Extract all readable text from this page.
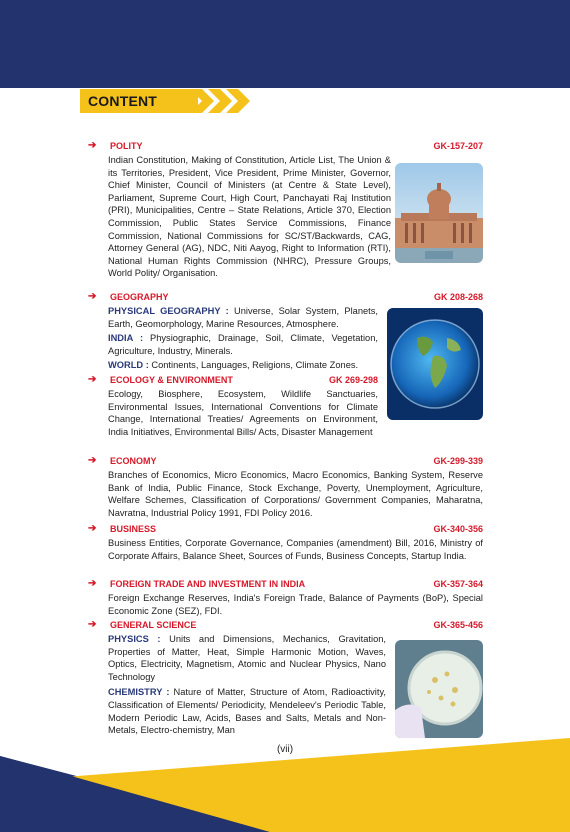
CONTENT
➔ POLITY	GK-157-207
Indian Constitution, Making of Constitution, Article List, The Union & its Territories, President, Vice President, Prime Minister, Governor, Chief Minister, Council of Ministers (at Centre & State Level), Parliament, Supreme Court, High Court, Panchayati Raj Institution (PRI), Municipalities, Centre – State Relations, Article 370, Election Commission, Public States Service Commissions, Finance Commission, National Commissions for SC/ST/Backwards, CAG, Attorney General (AG), NDC, Niti Aayog, Right to Information (RTI), National Human Rights Commission (NHRC), Pressure Groups, World Polity/ Organisation.
➔ GEOGRAPHY	GK 208-268
PHYSICAL GEOGRAPHY : Universe, Solar System, Planets, Earth, Geomorphology, Marine Resources, Atmosphere.
INDIA : Physiographic, Drainage, Soil, Climate, Vegetation, Agriculture, Industry, Minerals.
WORLD : Continents, Languages, Religions, Climate Zones.
➔ ECOLOGY & ENVIRONMENT	GK 269-298
Ecology, Biosphere, Ecosystem, Wildlife Sanctuaries, Environmental Issues, International Conventions for Climate Change, International Treaties/ Agreements on Environment, India Initiatives, Environmental Bills/ Acts, Disaster Management
➔ ECONOMY	GK-299-339
Branches of Economics, Micro Economics, Macro Economics, Banking System, Reserve Bank of India, Public Finance, Stock Exchange, Poverty, Unemployment, Agriculture, Welfare Schemes, Classification of Corporations/ Government Companies, Maharatna, Navratna, Industrial Policy 1991, FDI Policy 2016.
➔ BUSINESS	GK-340-356
Business Entities, Corporate Governance, Companies (amendment) Bill, 2016, Ministry of Corporate Affairs, Balance Sheet, Sources of Funds, Business Concepts, Startup India.
➔ FOREIGN TRADE AND INVESTMENT IN INDIA	GK-357-364
Foreign Exchange Reserves, India's Foreign Trade, Balance of Payments (BoP), Special Economic Zone (SEZ), FDI.
➔ GENERAL SCIENCE	GK-365-456
PHYSICS : Units and Dimensions, Mechanics, Gravitation, Properties of Matter, Heat, Simple Harmonic Motion, Waves, Optics, Electricity, Magnetism, Atomic and Nuclear Physics, Nano Technology
CHEMISTRY : Nature of Matter, Structure of Atom, Radioactivity, Classification of Elements/ Periodicity, Mendeleev's Periodic Table, Modern Periodic Law, Acids, Bases and Salts, Metals and Non-Metals, Electro-chemistry, Man
(vii)
